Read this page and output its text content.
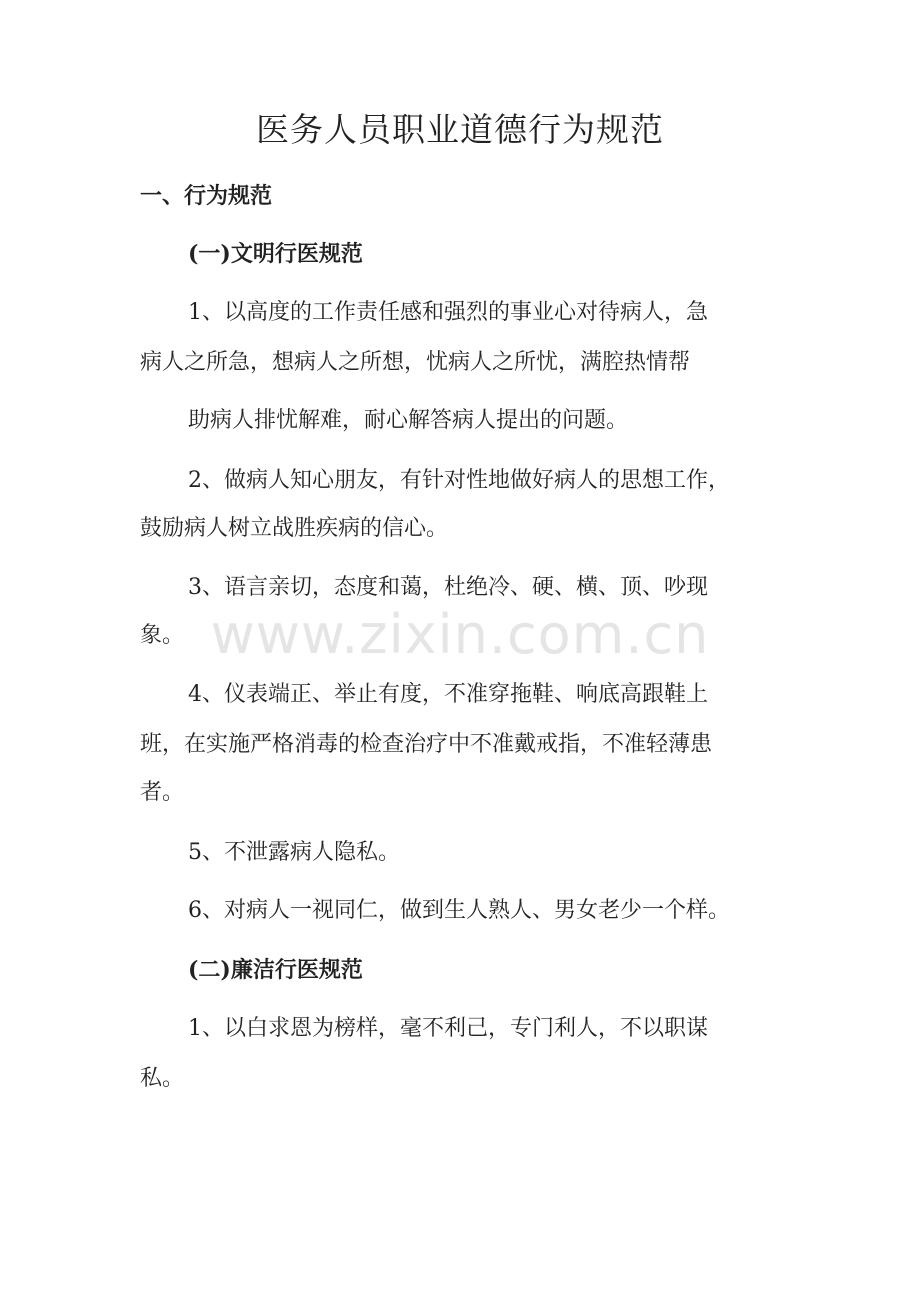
医务人员职业道德行为规范
一、行为规范
(一)文明行医规范
1、以高度的工作责任感和强烈的事业心对待病人，急
病人之所急，想病人之所想，忧病人之所忧，满腔热情帮
助病人排忧解难，耐心解答病人提出的问题。
2、做病人知心朋友，有针对性地做好病人的思想工作，
鼓励病人树立战胜疾病的信心。
3、语言亲切，态度和蔼，杜绝冷、硬、横、顶、吵现
象。
4、仪表端正、举止有度，不准穿拖鞋、响底高跟鞋上
班，在实施严格消毒的检查治疗中不准戴戒指，不准轻薄患
者。
5、不泄露病人隐私。
6、对病人一视同仁，做到生人熟人、男女老少一个样。
(二)廉洁行医规范
1、以白求恩为榜样，毫不利己，专门利人，不以职谋
私。
www.zixin.com.cn
